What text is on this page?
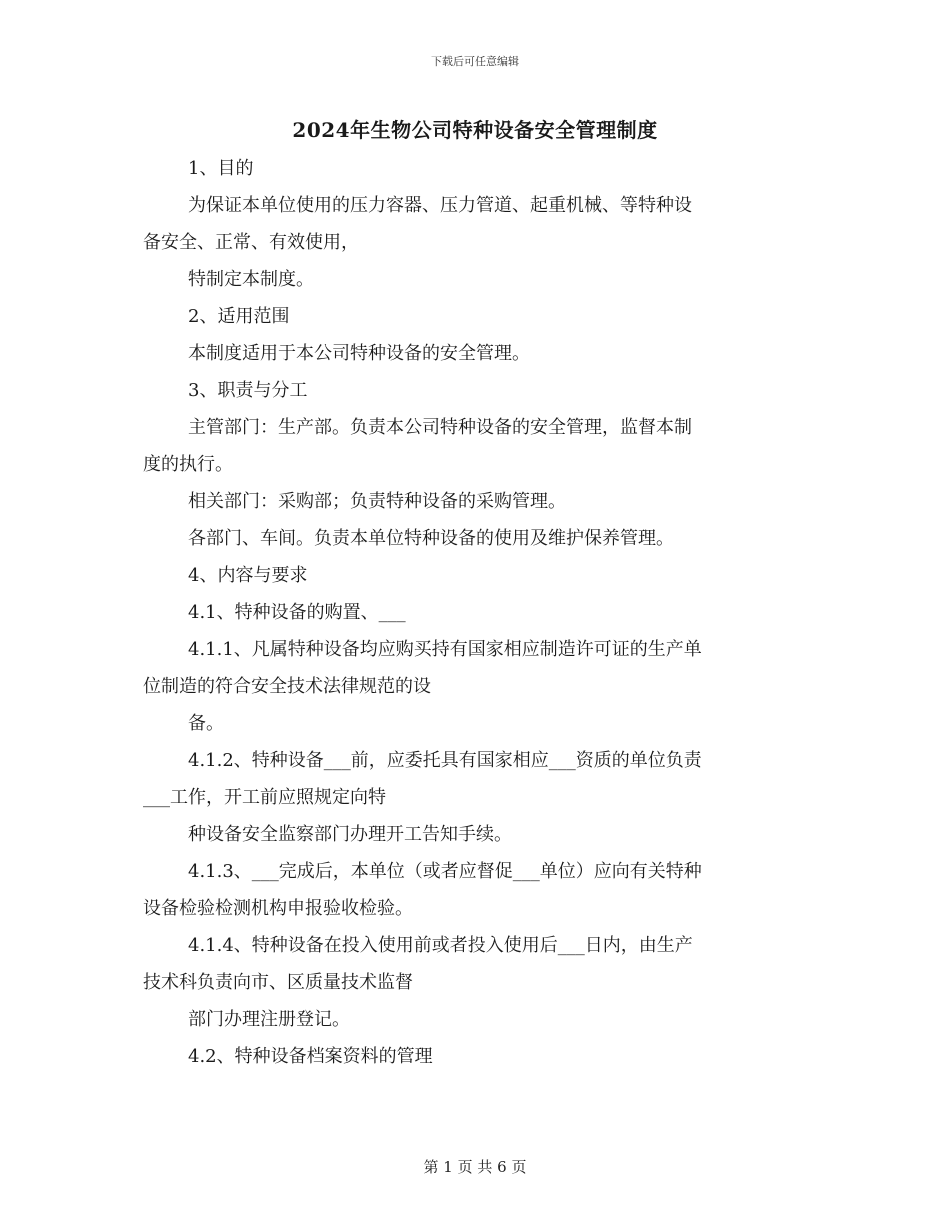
下载后可任意编辑
2024年生物公司特种设备安全管理制度

1、目的

为保证本单位使用的压力容器、压力管道、起重机械、等特种设

备安全、正常、有效使用，

特制定本制度。

2、适用范围

本制度适用于本公司特种设备的安全管理。

3、职责与分工

主管部门：生产部。负责本公司特种设备的安全管理，监督本制

度的执行。

相关部门：采购部；负责特种设备的采购管理。

各部门、车间。负责本单位特种设备的使用及维护保养管理。

4、内容与要求

4.1、特种设备的购置、___

4.1.1、凡属特种设备均应购买持有国家相应制造许可证的生产单

位制造的符合安全技术法律规范的设

备。

4.1.2、特种设备___前，应委托具有国家相应___资质的单位负责

___工作，开工前应照规定向特

种设备安全监察部门办理开工告知手续。

4.1.3、___完成后，本单位（或者应督促___单位）应向有关特种

设备检验检测机构申报验收检验。

4.1.4、特种设备在投入使用前或者投入使用后___日内，由生产

技术科负责向市、区质量技术监督

部门办理注册登记。

4.2、特种设备档案资料的管理

第 1 页 共 6 页
